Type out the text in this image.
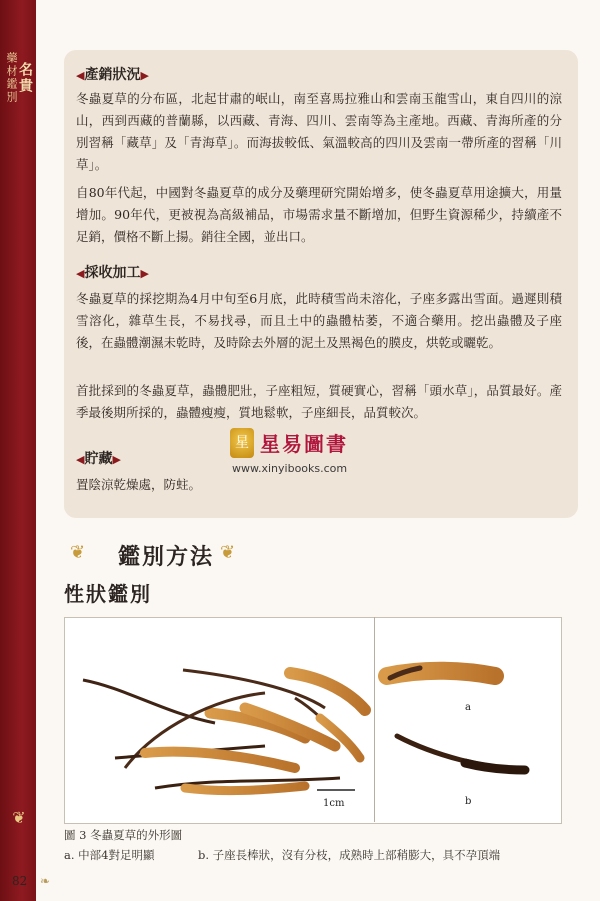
名貴
藥材鑑別
❦
82 ❧
◀產銷狀況▶
冬蟲夏草的分布區，北起甘肅的岷山，南至喜馬拉雅山和雲南玉龍雪山，東自四川的涼山，西到西藏的普蘭縣，以西藏、青海、四川、雲南等為主產地。西藏、青海所產的分別習稱「藏草」及「青海草」。而海拔較低、氣溫較高的四川及雲南一帶所產的習稱「川草」。
自80年代起，中國對冬蟲夏草的成分及藥理研究開始增多，使冬蟲夏草用途擴大，用量增加。90年代，更被視為高級補品，市場需求量不斷增加，但野生資源稀少，持續產不足銷，價格不斷上揚。銷往全國，並出口。
◀採收加工▶
冬蟲夏草的採挖期為4月中旬至6月底，此時積雪尚未溶化，子座多露出雪面。過遲則積雪溶化，雜草生長，不易找尋，而且土中的蟲體枯萎，不適合藥用。挖出蟲體及子座後，在蟲體潮濕未乾時，及時除去外層的泥土及黑褐色的膜皮，烘乾或曬乾。
首批採到的冬蟲夏草，蟲體肥壯，子座粗短，質硬實心，習稱「頭水草」，品質最好。產季最後期所採的，蟲體瘦瘦，質地鬆軟，子座細長，品質較次。
◀貯藏▶
置陰涼乾燥處，防蛀。
星 星易圖書
www.xinyibooks.com
❦ 鑑別方法 ❦
性狀鑑別
1cm
a
b
圖 3 冬蟲夏草的外形圖
a. 中部4對足明顯	b. 子座長棒狀，沒有分枝，成熟時上部稍膨大，具不孕頂端
